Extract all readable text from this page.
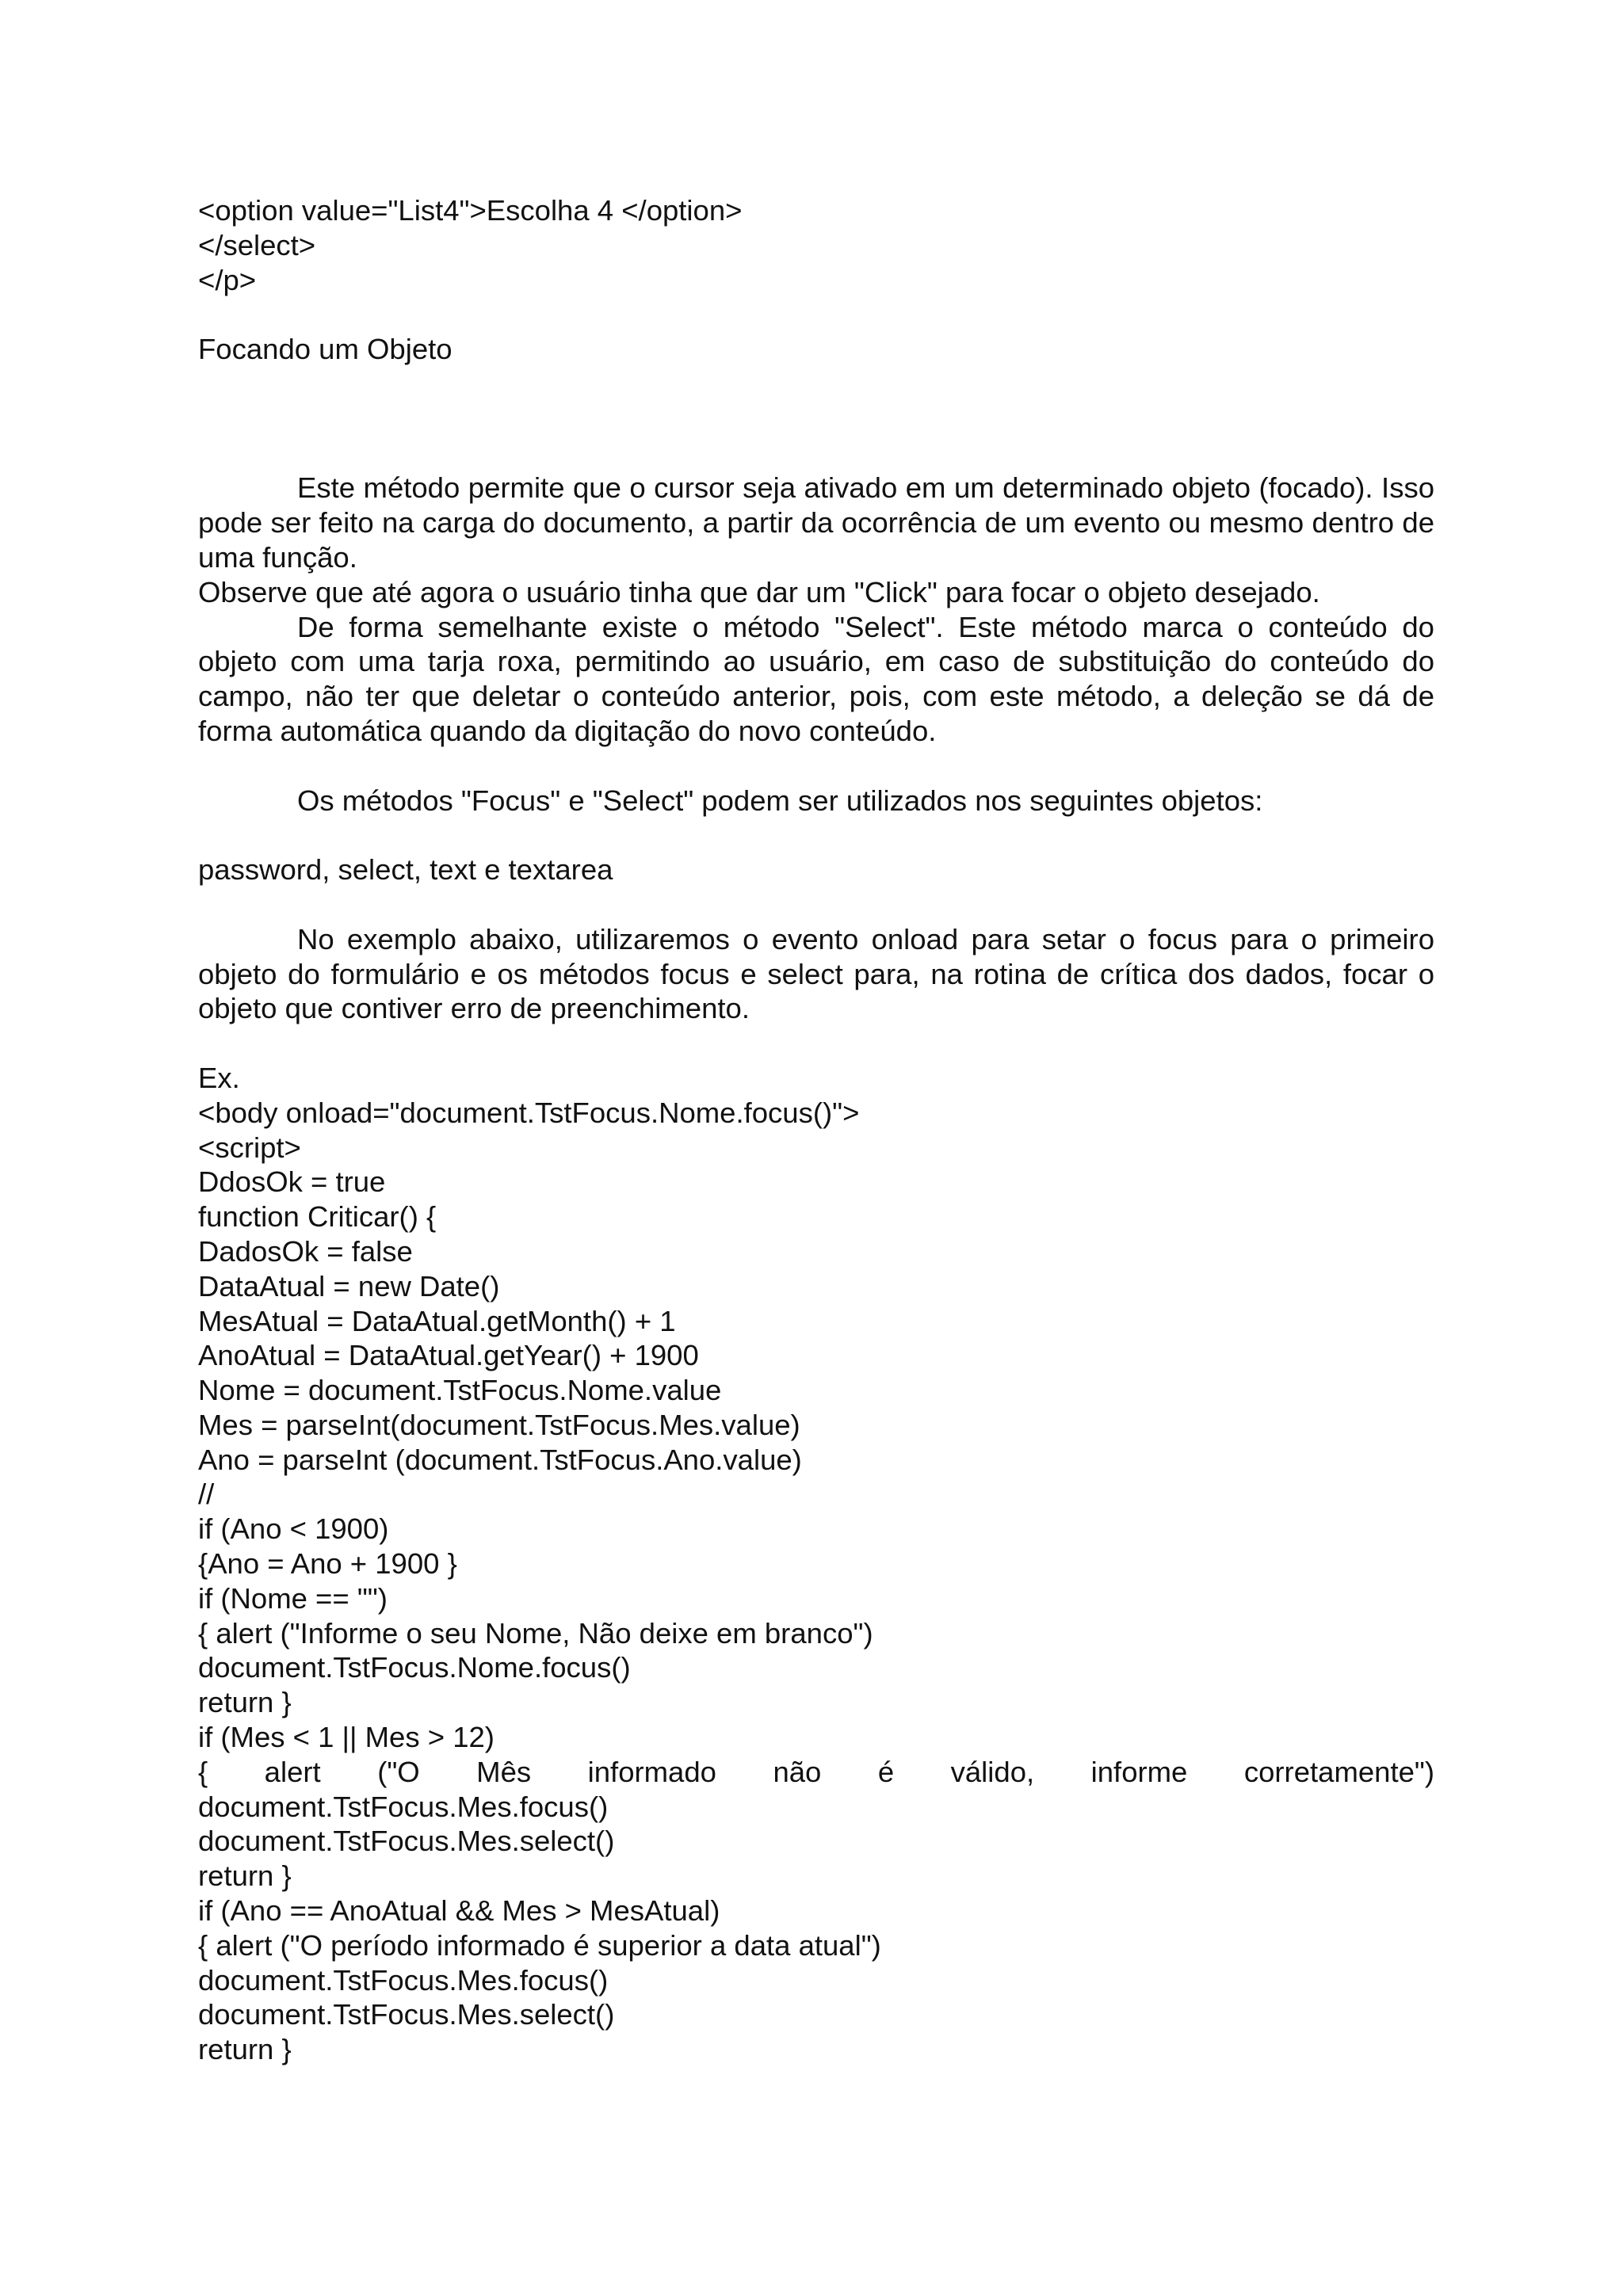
<option value="List4">Escolha 4 </option>
</select>
</p>

Focando um Objeto

Este método permite que o cursor seja ativado em um determinado objeto (focado). Isso pode ser feito na carga do documento, a partir da ocorrência de um evento ou mesmo dentro de uma função.

Observe que até agora o usuário tinha que dar um "Click" para focar o objeto desejado.

De forma semelhante existe o método "Select". Este método marca o conteúdo do objeto com uma tarja roxa, permitindo ao usuário, em caso de substituição do conteúdo do campo, não ter que deletar o conteúdo anterior, pois, com este método, a deleção se dá de forma automática quando da digitação do novo conteúdo.

Os métodos "Focus" e "Select" podem ser utilizados nos seguintes objetos:

password, select, text e textarea

No exemplo abaixo, utilizaremos o evento onload para setar o focus para o primeiro objeto do formulário e os métodos focus e select para, na rotina de crítica dos dados, focar o objeto que contiver erro de preenchimento.

Ex.

<body onload="document.TstFocus.Nome.focus()">
<script>
DdosOk = true
function Criticar() {
DadosOk = false
DataAtual = new Date()
MesAtual = DataAtual.getMonth() + 1
AnoAtual = DataAtual.getYear() + 1900
Nome = document.TstFocus.Nome.value
Mes = parseInt(document.TstFocus.Mes.value)
Ano = parseInt (document.TstFocus.Ano.value)
//
if (Ano < 1900)
{Ano = Ano + 1900 }
if (Nome == "")
{ alert ("Informe o seu Nome, Não deixe em branco")
document.TstFocus.Nome.focus()
return }
if (Mes < 1 || Mes > 12)

{ alert ("O Mês informado não é válido, informe corretamente")

document.TstFocus.Mes.focus()
document.TstFocus.Mes.select()
return }
if (Ano == AnoAtual && Mes > MesAtual)
{ alert ("O período informado é superior a data atual")
document.TstFocus.Mes.focus()
document.TstFocus.Mes.select()
return }
